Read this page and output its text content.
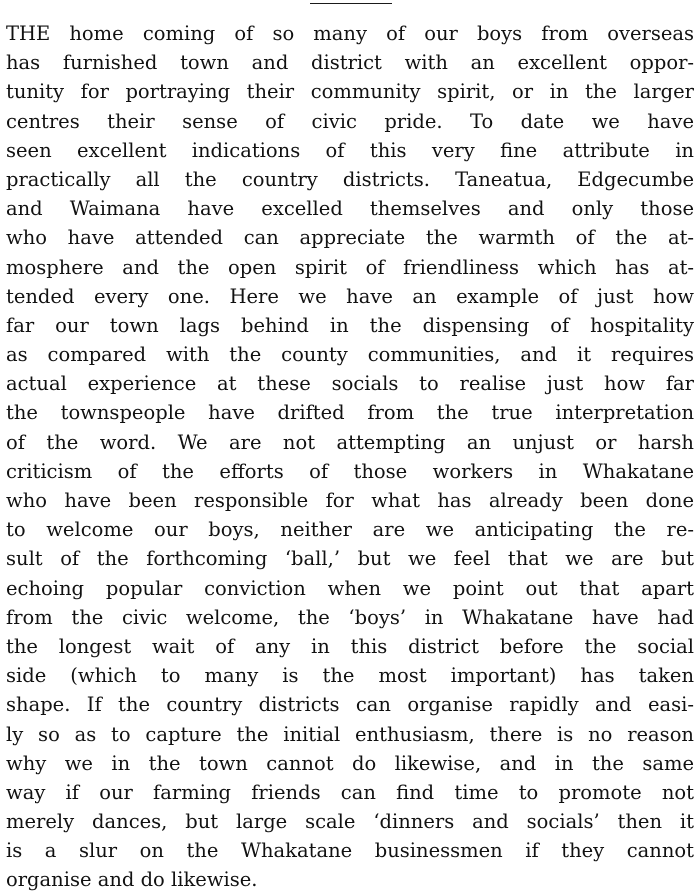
THE home coming of so many of our boys from overseas
has furnished town and district with an excellent oppor-
tunity for portraying their community spirit, or in the larger
centres their sense of civic pride. To date we have
seen excellent indications of this very fine attribute in
practically all the country districts. Taneatua, Edgecumbe
and Waimana have excelled themselves and only those
who have attended can appreciate the warmth of the at-
mosphere and the open spirit of friendliness which has at-
tended every one. Here we have an example of just how
far our town lags behind in the dispensing of hospitality
as compared with the county communities, and it requires
actual experience at these socials to realise just how far
the townspeople have drifted from the true interpretation
of the word. We are not attempting an unjust or harsh
criticism of the efforts of those workers in Whakatane
who have been responsible for what has already been done
to welcome our boys, neither are we anticipating the re-
sult of the forthcoming ‘ball,’ but we feel that we are but
echoing popular conviction when we point out that apart
from the civic welcome, the ‘boys’ in Whakatane have had
the longest wait of any in this district before the social
side (which to many is the most important) has taken
shape. If the country districts can organise rapidly and easi-
ly so as to capture the initial enthusiasm, there is no reason
why we in the town cannot do likewise, and in the same
way if our farming friends can find time to promote not
merely dances, but large scale ‘dinners and socials’ then it
is a slur on the Whakatane businessmen if they cannot
organise and do likewise.
